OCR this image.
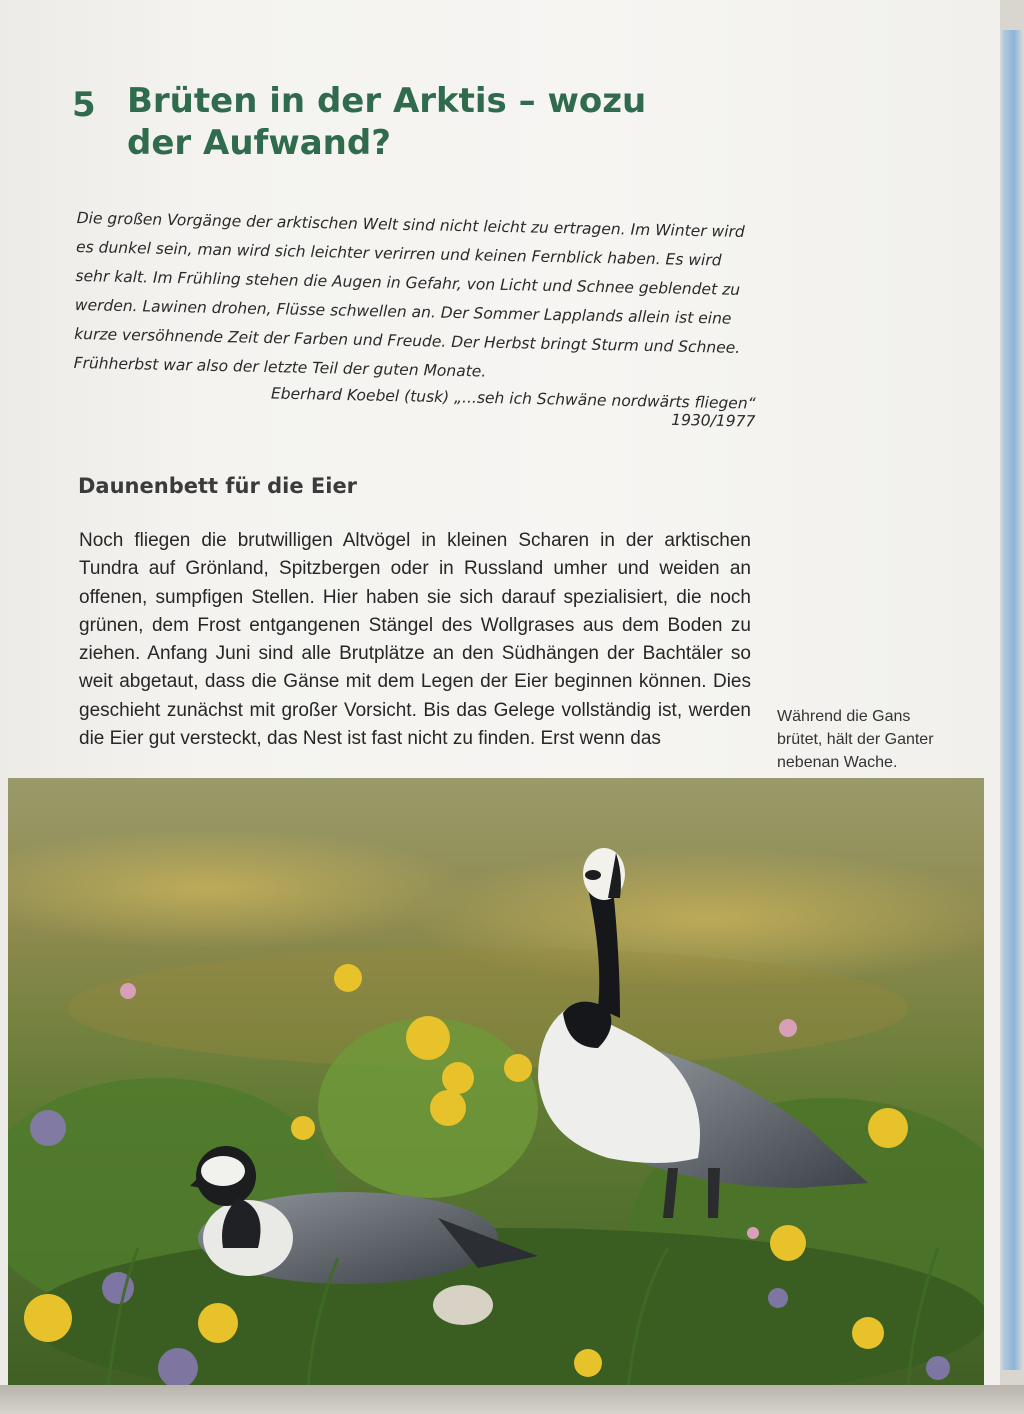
5 Brüten in der Arktis – wozu der Aufwand?
Die großen Vorgänge der arktischen Welt sind nicht leicht zu ertragen. Im Winter wird es dunkel sein, man wird sich leichter verirren und keinen Fernblick haben. Es wird sehr kalt. Im Frühling stehen die Augen in Gefahr, von Licht und Schnee geblendet zu werden. Lawinen drohen, Flüsse schwellen an. Der Sommer Lapplands allein ist eine kurze versöhnende Zeit der Farben und Freude. Der Herbst bringt Sturm und Schnee. Frühherbst war also der letzte Teil der guten Monate.
Eberhard Koebel (tusk) „...seh ich Schwäne nordwärts fliegen“ 1930/1977
Daunenbett für die Eier
Noch fliegen die brutwilligen Altvögel in kleinen Scharen in der arktischen Tundra auf Grönland, Spitzbergen oder in Russland umher und weiden an offenen, sumpfigen Stellen. Hier haben sie sich darauf spezialisiert, die noch grünen, dem Frost entgangenen Stängel des Wollgrases aus dem Boden zu ziehen. Anfang Juni sind alle Brutplätze an den Südhängen der Bachtäler so weit abgetaut, dass die Gänse mit dem Legen der Eier beginnen können. Dies geschieht zunächst mit großer Vorsicht. Bis das Gelege vollständig ist, werden die Eier gut versteckt, das Nest ist fast nicht zu finden. Erst wenn das
Während die Gans brütet, hält der Ganter nebenan Wache.
